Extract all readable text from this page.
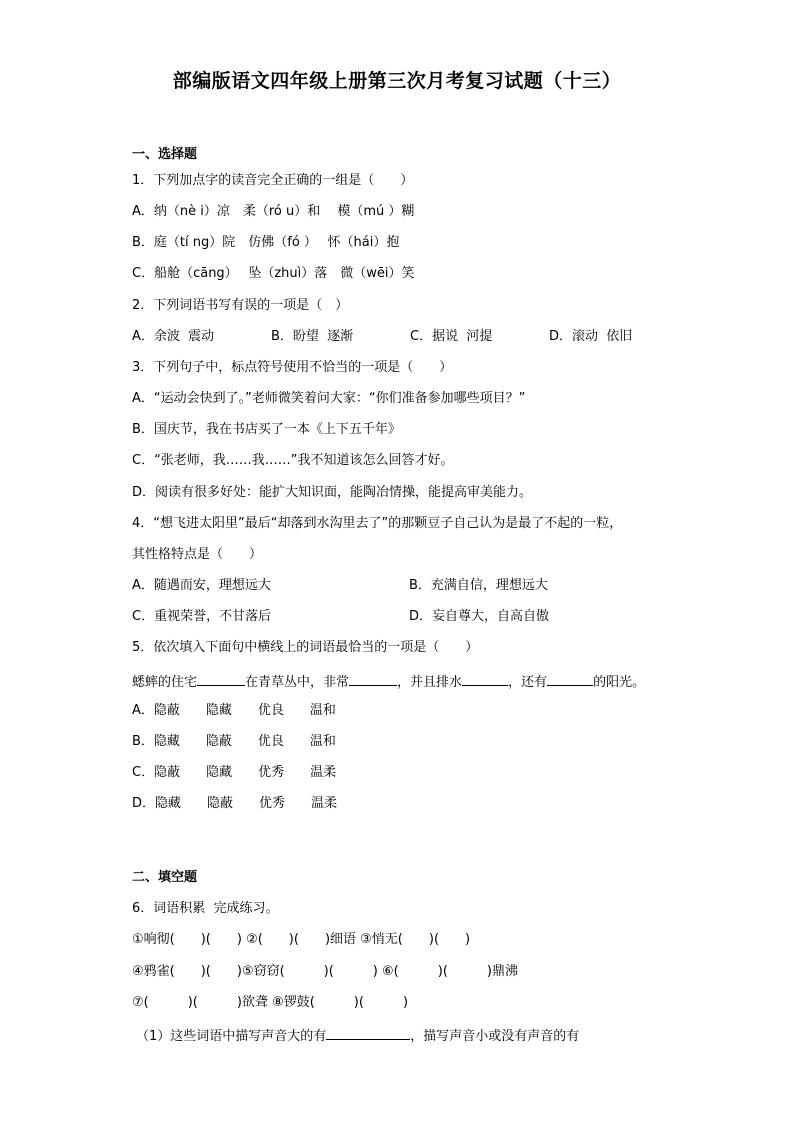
部编版语文四年级上册第三次月考复习试题（十三）
一、选择题
1．下列加点字的读音完全正确的一组是（　　）
A．纳（nè i）凉　柔（ró u）和　 模（mú ）糊
B．庭（tí ng）院　仿佛（fó ）　 怀（hái）抱
C．船舱（cāng）　 坠（zhuì）落　微（wēi）笑
2．下列词语书写有误的一项是（　）
A．余波  震动	B．盼望  逐渐	C．据说  河提	D．滚动  依旧
3．下列句子中，标点符号使用不恰当的一项是（　　）
A．“运动会快到了。”老师微笑着问大家：“你们准备参加哪些项目？”
B．国庆节，我在书店买了一本《上下五千年》
C．“张老师，我……我……”我不知道该怎么回答才好。
D．阅读有很多好处：能扩大知识面，能陶冶情操，能提高审美能力。
4．“想飞进太阳里”最后“却落到水沟里去了”的那颗豆子自己认为是最了不起的一粒，
其性格特点是（　　）
A．随遇而安，理想远大	B．充满自信，理想远大
C．重视荣誉，不甘落后	D．妄自尊大，自高自傲
5．依次填入下面句中横线上的词语最恰当的一项是（　　）
蟋蟀的住宅	在青草丛中，非常	，并且排水	，还有	的阳光。
A．隐蔽　　隐藏　　优良　　温和
B．隐藏　　隐蔽　　优良　　温和
C．隐蔽　　隐藏　　优秀　　温柔
D．隐藏　　隐蔽　　优秀　　温柔
二、填空题
6．词语积累  完成练习。
①响彻(　　)(　　) ②(　　)(　　)细语 ③悄无(　　)(　　)
④鸦雀(　　)(　　)⑤窃窃(　　　)(　　　) ⑥(　　　)(　　　)鼎沸
⑦(　　　)(　　　)欲聋 ⑧锣鼓(　　　)(　　　)
（1）这些词语中描写声音大的有	，描写声音小或没有声音的有
